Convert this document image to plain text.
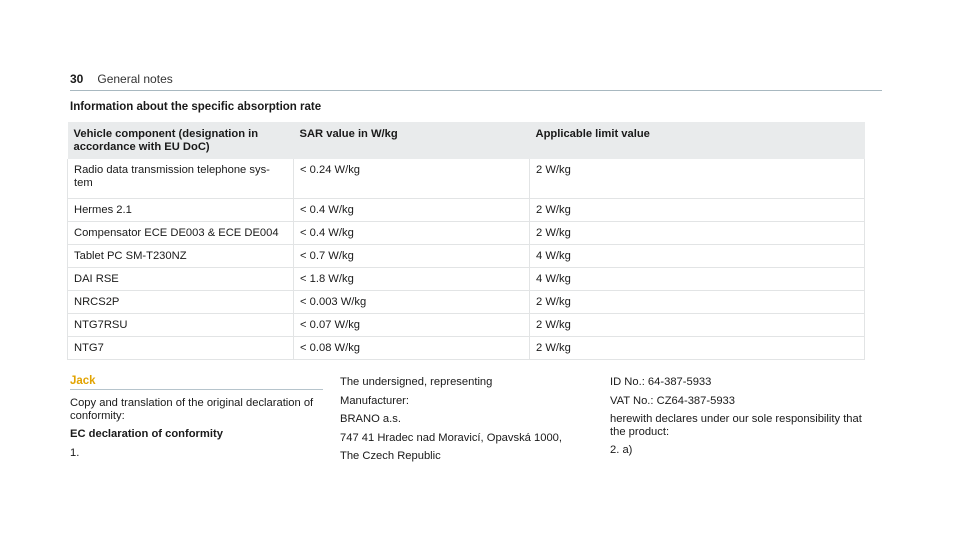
30 General notes
Information about the specific absorption rate
Vehicle component (designation in accordance with EU DoC)	SAR value in W/kg	Applicable limit value
Radio data transmission telephone sys-tem	< 0.24 W/kg	2 W/kg
Hermes 2.1	< 0.4 W/kg	2 W/kg
Compensator ECE DE003 & ECE DE004	< 0.4 W/kg	2 W/kg
Tablet PC SM-T230NZ	< 0.7 W/kg	4 W/kg
DAI RSE	< 1.8 W/kg	4 W/kg
NRCS2P	< 0.003 W/kg	2 W/kg
NTG7RSU	< 0.07 W/kg	2 W/kg
NTG7	< 0.08 W/kg	2 W/kg
Jack

Copy and translation of the original declaration of conformity:

EC declaration of conformity

1.

The undersigned, representing

Manufacturer:

BRANO a.s.

747 41 Hradec nad Moravicí, Opavská 1000,

The Czech Republic

ID No.: 64-387-5933

VAT No.: CZ64-387-5933

herewith declares under our sole responsibility that the product:

2. a)
